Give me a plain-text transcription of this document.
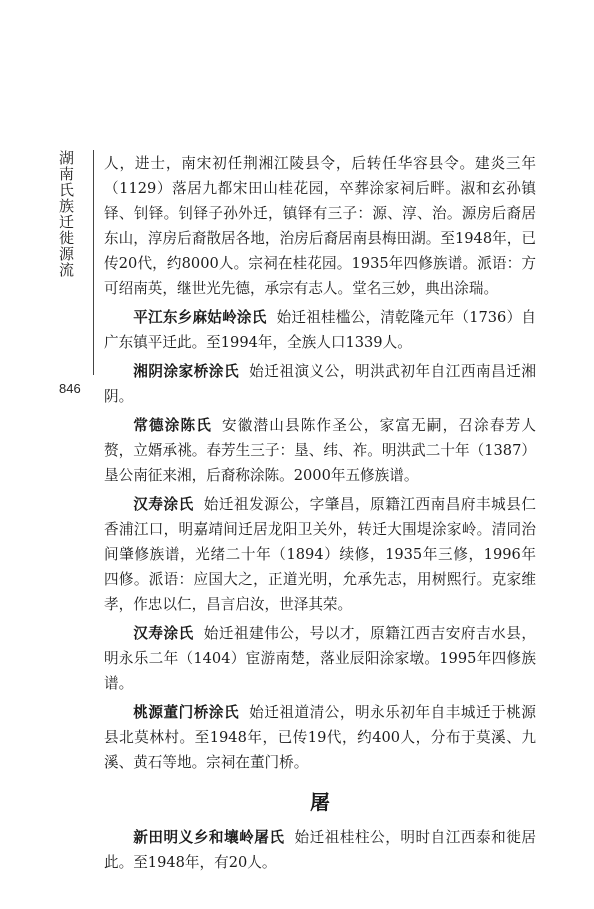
湖南氏族迁徙源流
846

人，进士，南宋初任荆湘江陵县令，后转任华容县令。建炎三年（1129）落居九都宋田山桂花园，卒葬涂家祠后畔。淑和玄孙镇铎、钊铎。钊铎子孙外迁，镇铎有三子：源、淳、治。源房后裔居东山，淳房后裔散居各地，治房后裔居南县梅田湖。至1948年，已传20代，约8000人。宗祠在桂花园。1935年四修族谱。派语：方可绍南英，继世光先德，承宗有志人。堂名三妙，典出涂瑞。

平江东乡麻姑岭涂氏 始迁祖桂槛公，清乾隆元年（1736）自广东镇平迁此。至1994年，全族人口1339人。

湘阴涂家桥涂氏 始迁祖演义公，明洪武初年自江西南昌迁湘阴。

常德涂陈氏 安徽潜山县陈作圣公，家富无嗣，召涂春芳人赘，立婿承祧。春芳生三子：垦、纬、祚。明洪武二十年（1387）垦公南征来湘，后裔称涂陈。2000年五修族谱。

汉寿涂氏 始迁祖发源公，字肇昌，原籍江西南昌府丰城县仁香浦江口，明嘉靖间迁居龙阳卫关外，转迁大围堤涂家岭。清同治间肇修族谱，光绪二十年（1894）续修，1935年三修，1996年四修。派语：应国大之，正道光明，允承先志，用树熙行。克家维孝，作忠以仁，昌言启汝，世泽其荣。

汉寿涂氏 始迁祖建伟公，号以才，原籍江西吉安府吉水县，明永乐二年（1404）宦游南楚，落业辰阳涂家墩。1995年四修族谱。

桃源董门桥涂氏 始迁祖道清公，明永乐初年自丰城迁于桃源县北莫林村。至1948年，已传19代，约400人，分布于莫溪、九溪、黄石等地。宗祠在董门桥。

屠

新田明义乡和壤岭屠氏 始迁祖桂柱公，明时自江西泰和徙居此。至1948年，有20人。
